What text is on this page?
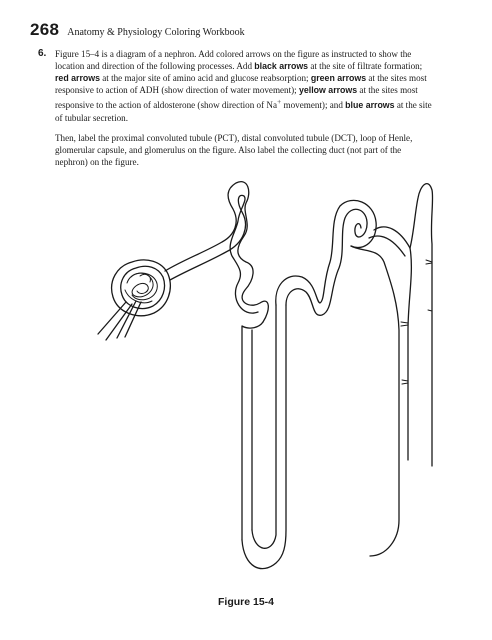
268 Anatomy & Physiology Coloring Workbook
6. Figure 15–4 is a diagram of a nephron. Add colored arrows on the figure as instructed to show the location and direction of the following processes. Add black arrows at the site of filtrate formation; red arrows at the major site of amino acid and glucose reabsorption; green arrows at the sites most responsive to action of ADH (show direction of water movement); yellow arrows at the sites most responsive to the action of aldosterone (show direction of Na+ movement); and blue arrows at the site of tubular secretion.

Then, label the proximal convoluted tubule (PCT), distal convoluted tubule (DCT), loop of Henle, glomerular capsule, and glomerulus on the figure. Also label the collecting duct (not part of the nephron) on the figure.

Figure 15-4
